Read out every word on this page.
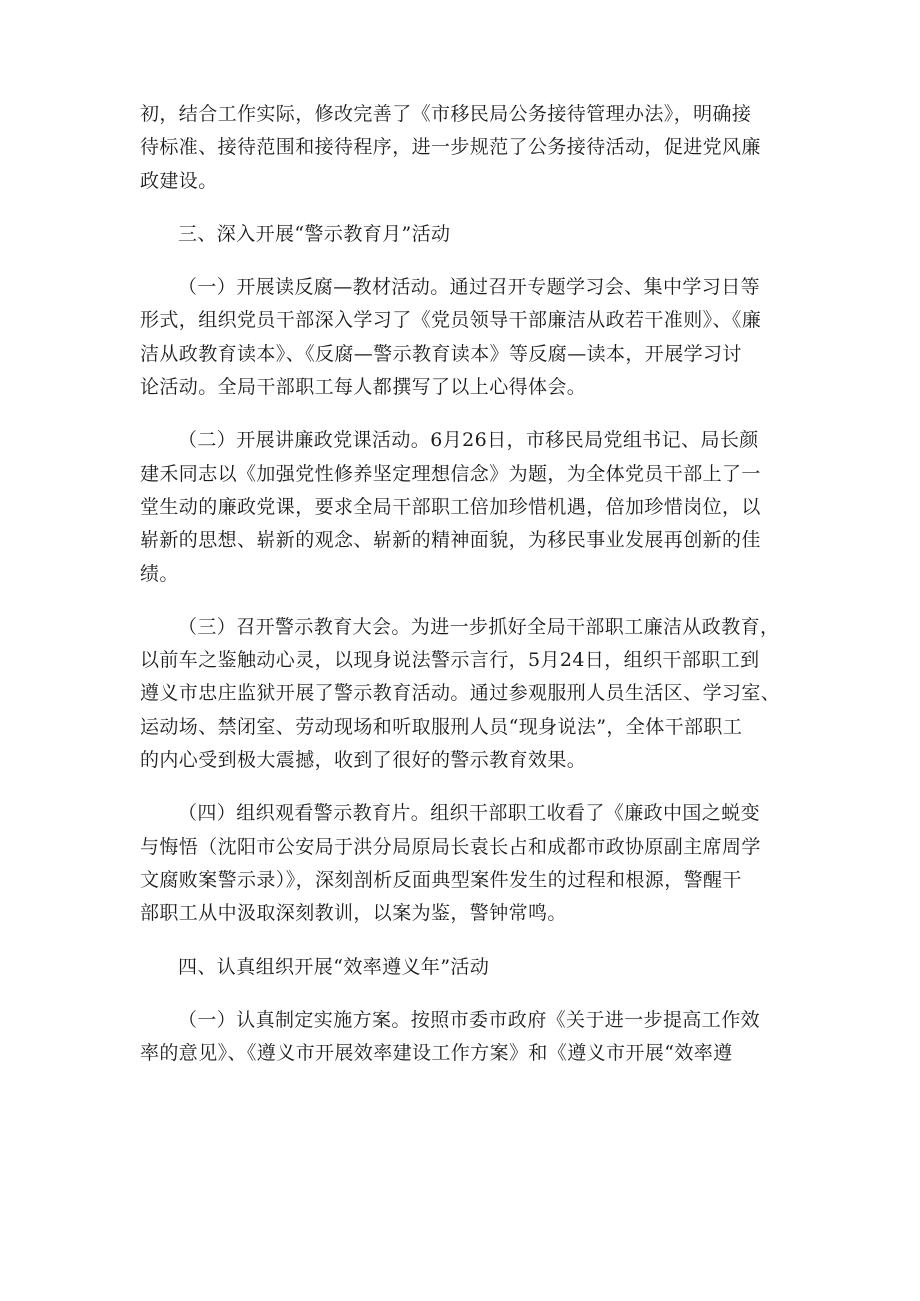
初，结合工作实际，修改完善了《市移民局公务接待管理办法》，明确接
待标准、接待范围和接待程序，进一步规范了公务接待活动，促进党风廉
政建设。
三、深入开展“警示教育月”活动
（一）开展读反腐—教材活动。通过召开专题学习会、集中学习日等
形式，组织党员干部深入学习了《党员领导干部廉洁从政若干准则》、《廉
洁从政教育读本》、《反腐—警示教育读本》等反腐—读本，开展学习讨
论活动。全局干部职工每人都撰写了以上心得体会。
（二）开展讲廉政党课活动。6月26日，市移民局党组书记、局长颜
建禾同志以《加强党性修养坚定理想信念》为题，为全体党员干部上了一
堂生动的廉政党课，要求全局干部职工倍加珍惜机遇，倍加珍惜岗位，以
崭新的思想、崭新的观念、崭新的精神面貌，为移民事业发展再创新的佳
绩。
（三）召开警示教育大会。为进一步抓好全局干部职工廉洁从政教育，
以前车之鉴触动心灵，以现身说法警示言行，5月24日，组织干部职工到
遵义市忠庄监狱开展了警示教育活动。通过参观服刑人员生活区、学习室、
运动场、禁闭室、劳动现场和听取服刑人员“现身说法”，全体干部职工
的内心受到极大震撼，收到了很好的警示教育效果。
（四）组织观看警示教育片。组织干部职工收看了《廉政中国之蜕变
与悔悟（沈阳市公安局于洪分局原局长袁长占和成都市政协原副主席周学
文腐败案警示录）》，深刻剖析反面典型案件发生的过程和根源，警醒干
部职工从中汲取深刻教训，以案为鉴，警钟常鸣。
四、认真组织开展“效率遵义年”活动
（一）认真制定实施方案。按照市委市政府《关于进一步提高工作效
率的意见》、《遵义市开展效率建设工作方案》和《遵义市开展“效率遵
